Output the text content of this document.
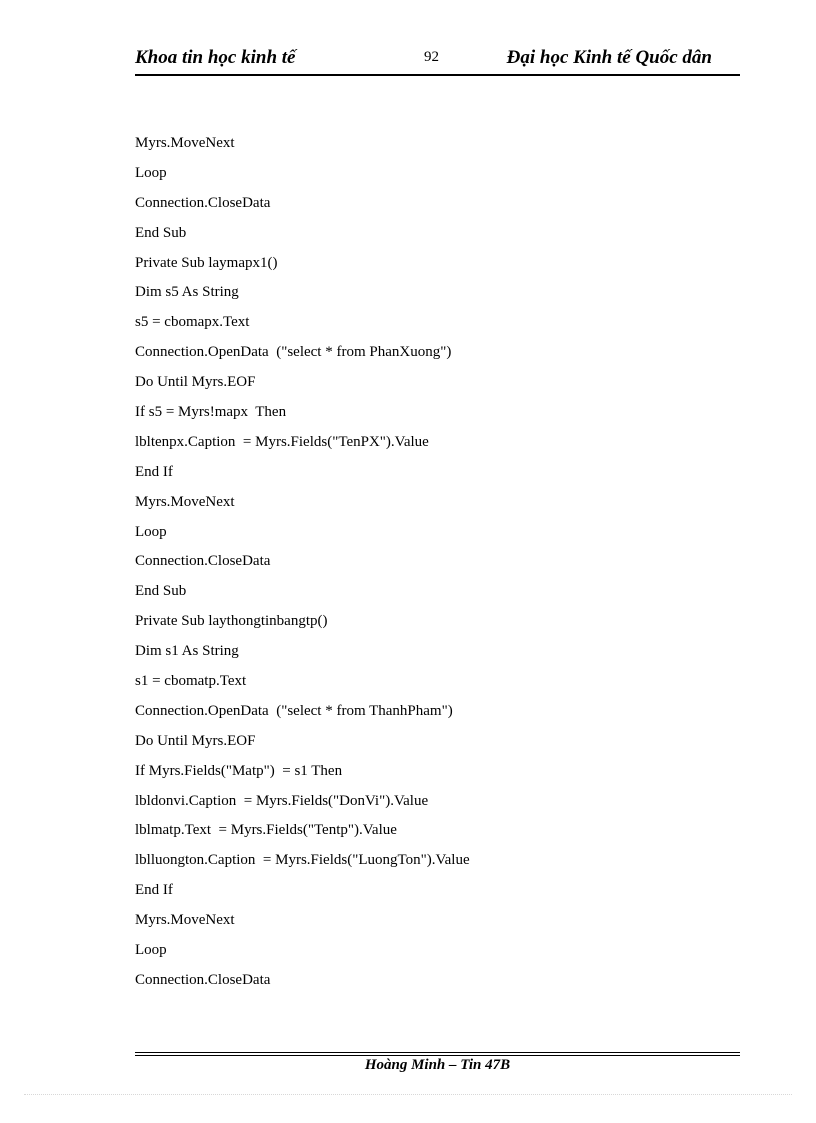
Khoa tin học kinh tế	92	Đại học Kinh tế Quốc dân
Myrs.MoveNext
Loop
Connection.CloseData
End Sub
Private Sub laymapx1()
Dim s5 As String
s5 = cbomapx.Text
Connection.OpenData  ("select * from PhanXuong")
Do Until Myrs.EOF
If s5 = Myrs!mapx  Then
lbltenpx.Caption  = Myrs.Fields("TenPX").Value
End If
Myrs.MoveNext
Loop
Connection.CloseData
End Sub
Private Sub laythongtinbangtp()
Dim s1 As String
s1 = cbomatp.Text
Connection.OpenData  ("select * from ThanhPham")
Do Until Myrs.EOF
If Myrs.Fields("Matp")  = s1 Then
lbldonvi.Caption  = Myrs.Fields("DonVi").Value
lblmatp.Text  = Myrs.Fields("Tentp").Value
lblluongton.Caption  = Myrs.Fields("LuongTon").Value
End If
Myrs.MoveNext
Loop
Connection.CloseData
Hoàng Minh – Tin 47B
